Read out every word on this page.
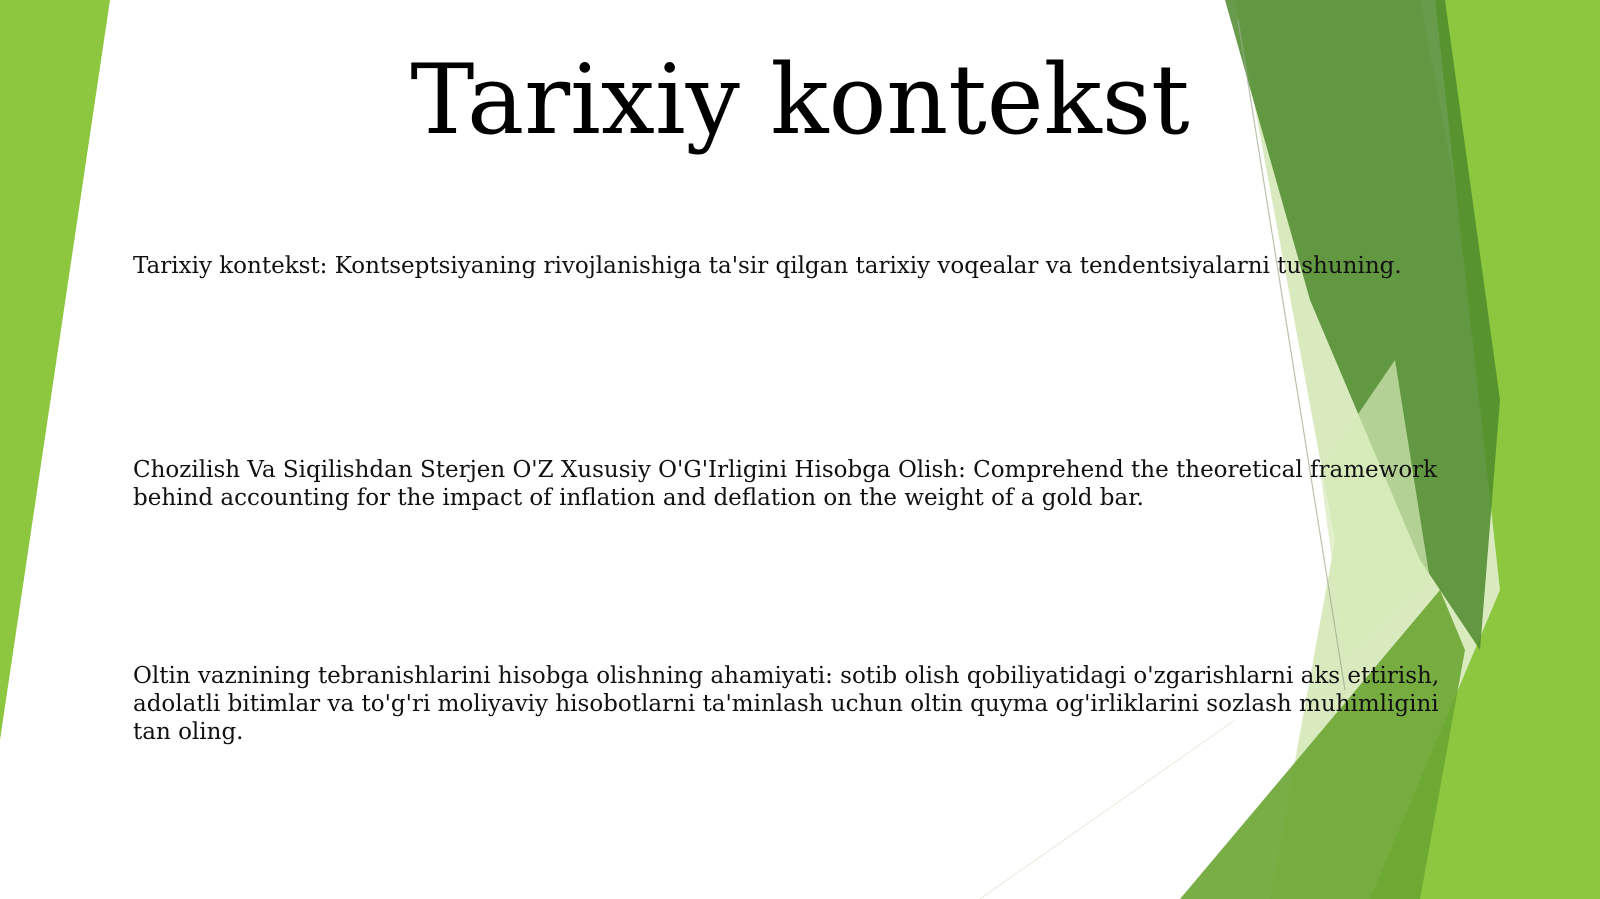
Tarixiy kontekst

Tarixiy kontekst: Kontseptsiyaning rivojlanishiga ta'sir qilgan tarixiy voqealar va tendentsiyalarni tushuning.

Chozilish Va Siqilishdan Sterjen O'Z Xususiy O'G'Irligini Hisobga Olish: Comprehend the theoretical framework behind accounting for the impact of inflation and deflation on the weight of a gold bar.

Oltin vaznining tebranishlarini hisobga olishning ahamiyati: sotib olish qobiliyatidagi o'zgarishlarni aks ettirish, adolatli bitimlar va to'g'ri moliyaviy hisobotlarni ta'minlash uchun oltin quyma og'irliklarini sozlash muhimligini tan oling.
